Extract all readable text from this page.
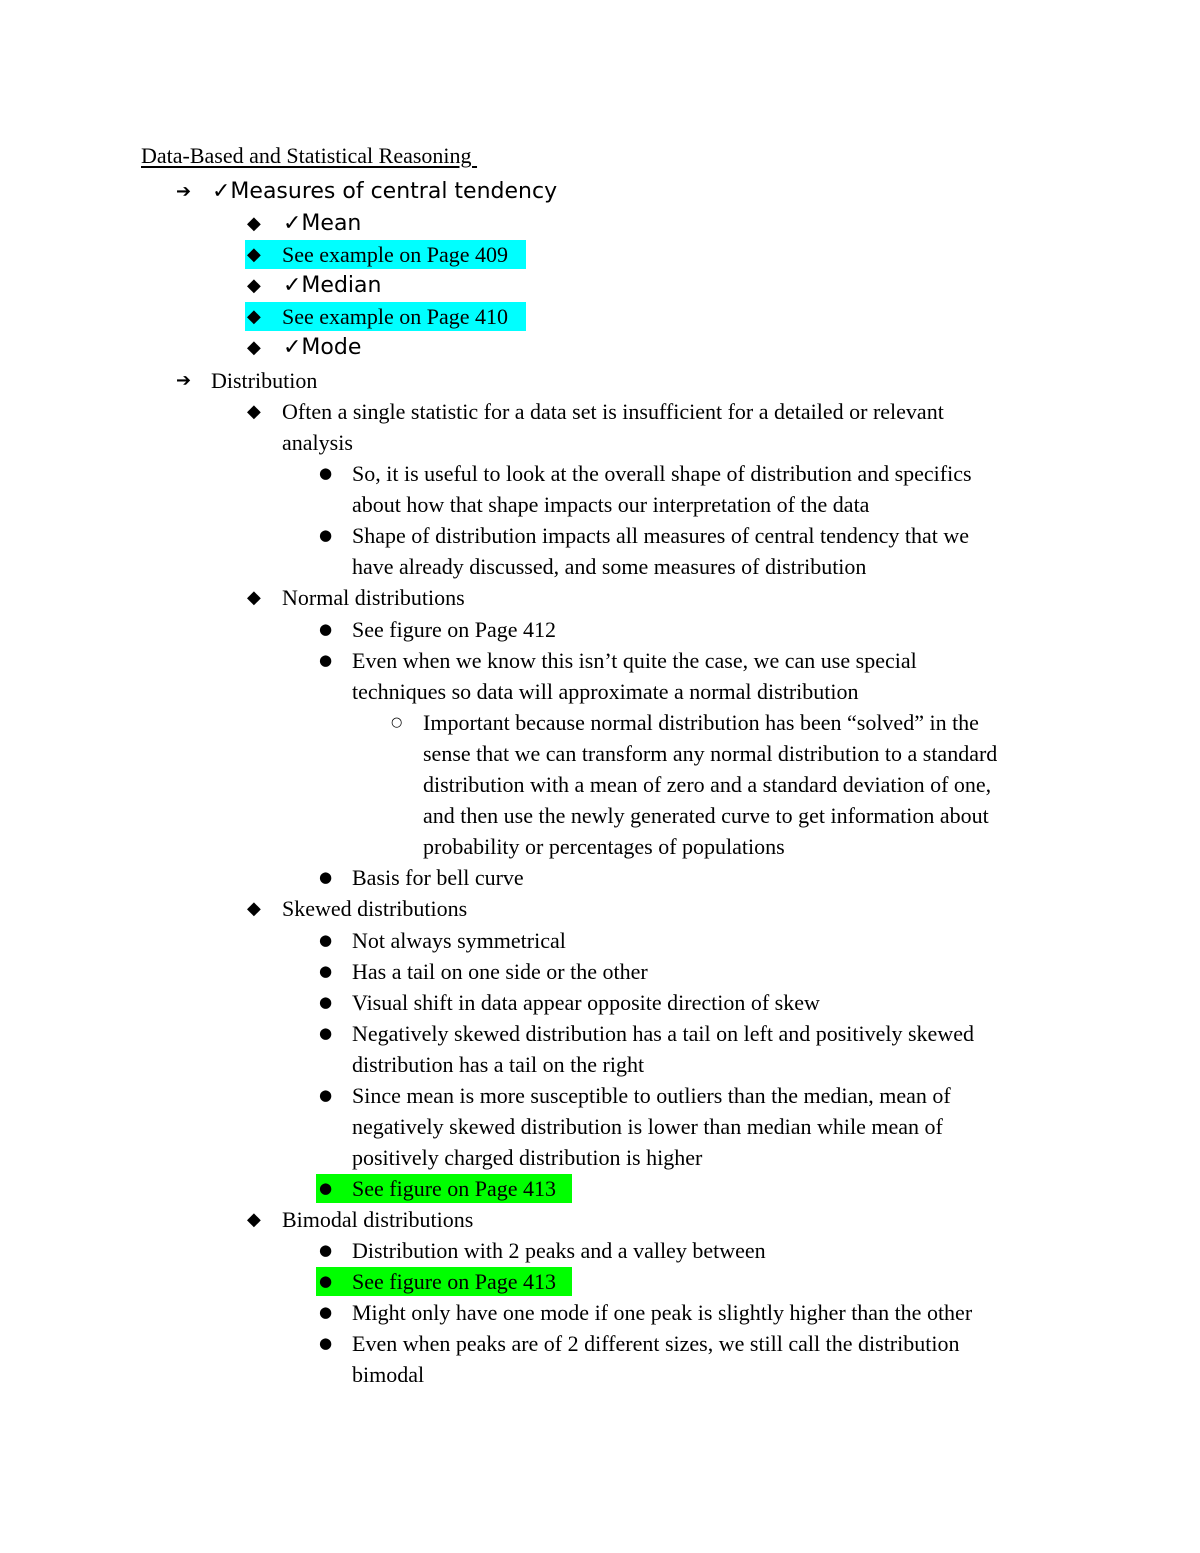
Data-Based and Statistical Reasoning
➔ ✓Measures of central tendency
◆ ✓Mean
◆ See example on Page 409
◆ ✓Median
◆ See example on Page 410
◆ ✓Mode
➔ Distribution
◆ Often a single statistic for a data set is insufficient for a detailed or relevant
analysis
● So, it is useful to look at the overall shape of distribution and specifics
about how that shape impacts our interpretation of the data
● Shape of distribution impacts all measures of central tendency that we
have already discussed, and some measures of distribution
◆ Normal distributions
● See figure on Page 412
● Even when we know this isn’t quite the case, we can use special
techniques so data will approximate a normal distribution
○ Important because normal distribution has been “solved” in the
sense that we can transform any normal distribution to a standard
distribution with a mean of zero and a standard deviation of one,
and then use the newly generated curve to get information about
probability or percentages of populations
● Basis for bell curve
◆ Skewed distributions
● Not always symmetrical
● Has a tail on one side or the other
● Visual shift in data appear opposite direction of skew
● Negatively skewed distribution has a tail on left and positively skewed
distribution has a tail on the right
● Since mean is more susceptible to outliers than the median, mean of
negatively skewed distribution is lower than median while mean of
positively charged distribution is higher
● See figure on Page 413
◆ Bimodal distributions
● Distribution with 2 peaks and a valley between
● See figure on Page 413
● Might only have one mode if one peak is slightly higher than the other
● Even when peaks are of 2 different sizes, we still call the distribution
bimodal
